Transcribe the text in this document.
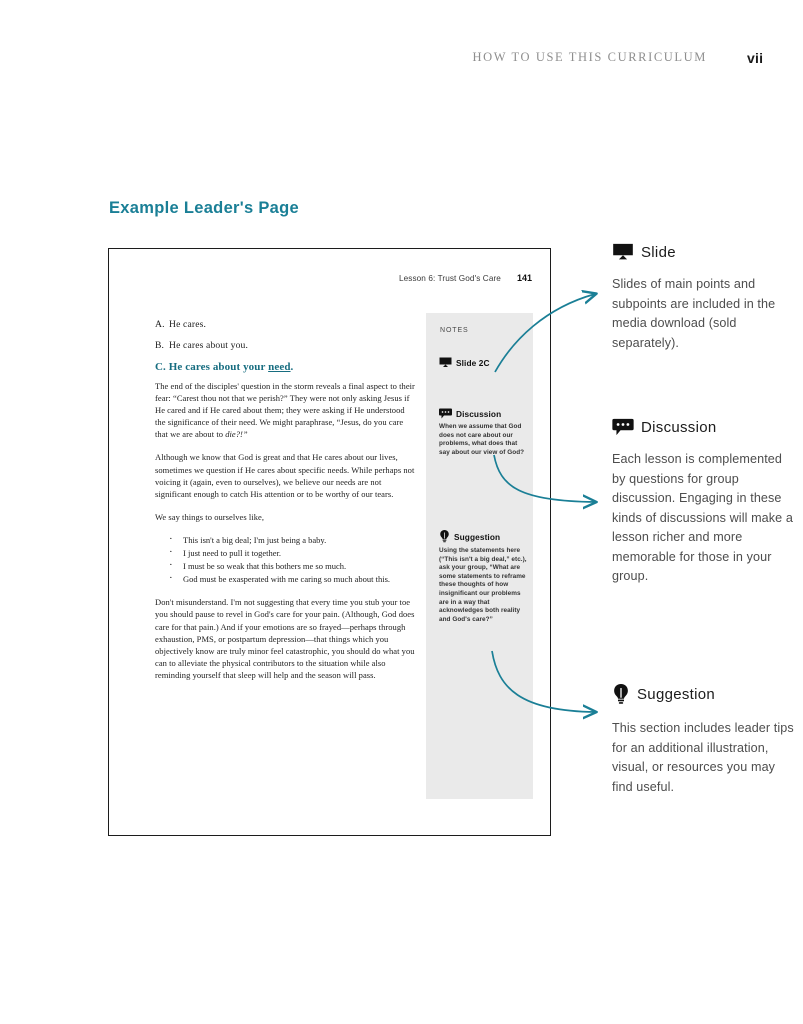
HOW TO USE THIS CURRICULUM	vii
Example Leader's Page
Lesson 6: Trust God's Care 141
A. He cares.
B. He cares about you.
C. He cares about your need.

The end of the disciples' question in the storm reveals a final aspect to their fear: “Carest thou not that we perish?” They were not only asking Jesus if He cared and if He cared about them; they were asking if He understood the significance of their need. We might paraphrase, “Jesus, do you care that we are about to die?!”

Although we know that God is great and that He cares about our lives, sometimes we question if He cares about specific needs. While perhaps not voicing it (again, even to ourselves), we believe our needs are not significant enough to catch His attention or to be worthy of our tears.

We say things to ourselves like,

· This isn't a big deal; I'm just being a baby.
· I just need to pull it together.
· I must be so weak that this bothers me so much.
· God must be exasperated with me caring so much about this.

Don't misunderstand. I'm not suggesting that every time you stub your toe you should pause to revel in God's care for your pain. (Although, God does care for that pain.) And if your emotions are so frayed—perhaps through exhaustion, PMS, or postpartum depression—that things which you objectively know are truly minor feel catastrophic, you should do what you can to alleviate the physical contributors to the situation while also reminding yourself that sleep will help and the season will pass.

NOTES
Slide 2C
Discussion
When we assume that God does not care about our problems, what does that say about our view of God?
Suggestion
Using the statements here (“This isn't a big deal,” etc.), ask your group, “What are some statements to reframe these thoughts of how insignificant our problems are in a way that acknowledges both reality and God's care?”
Slide
Slides of main points and subpoints are included in the media download (sold separately).
Discussion
Each lesson is complemented by questions for group discussion. Engaging in these kinds of discussions will make a lesson richer and more memorable for those in your group.
Suggestion
This section includes leader tips for an additional illustration, visual, or resources you may find useful.
